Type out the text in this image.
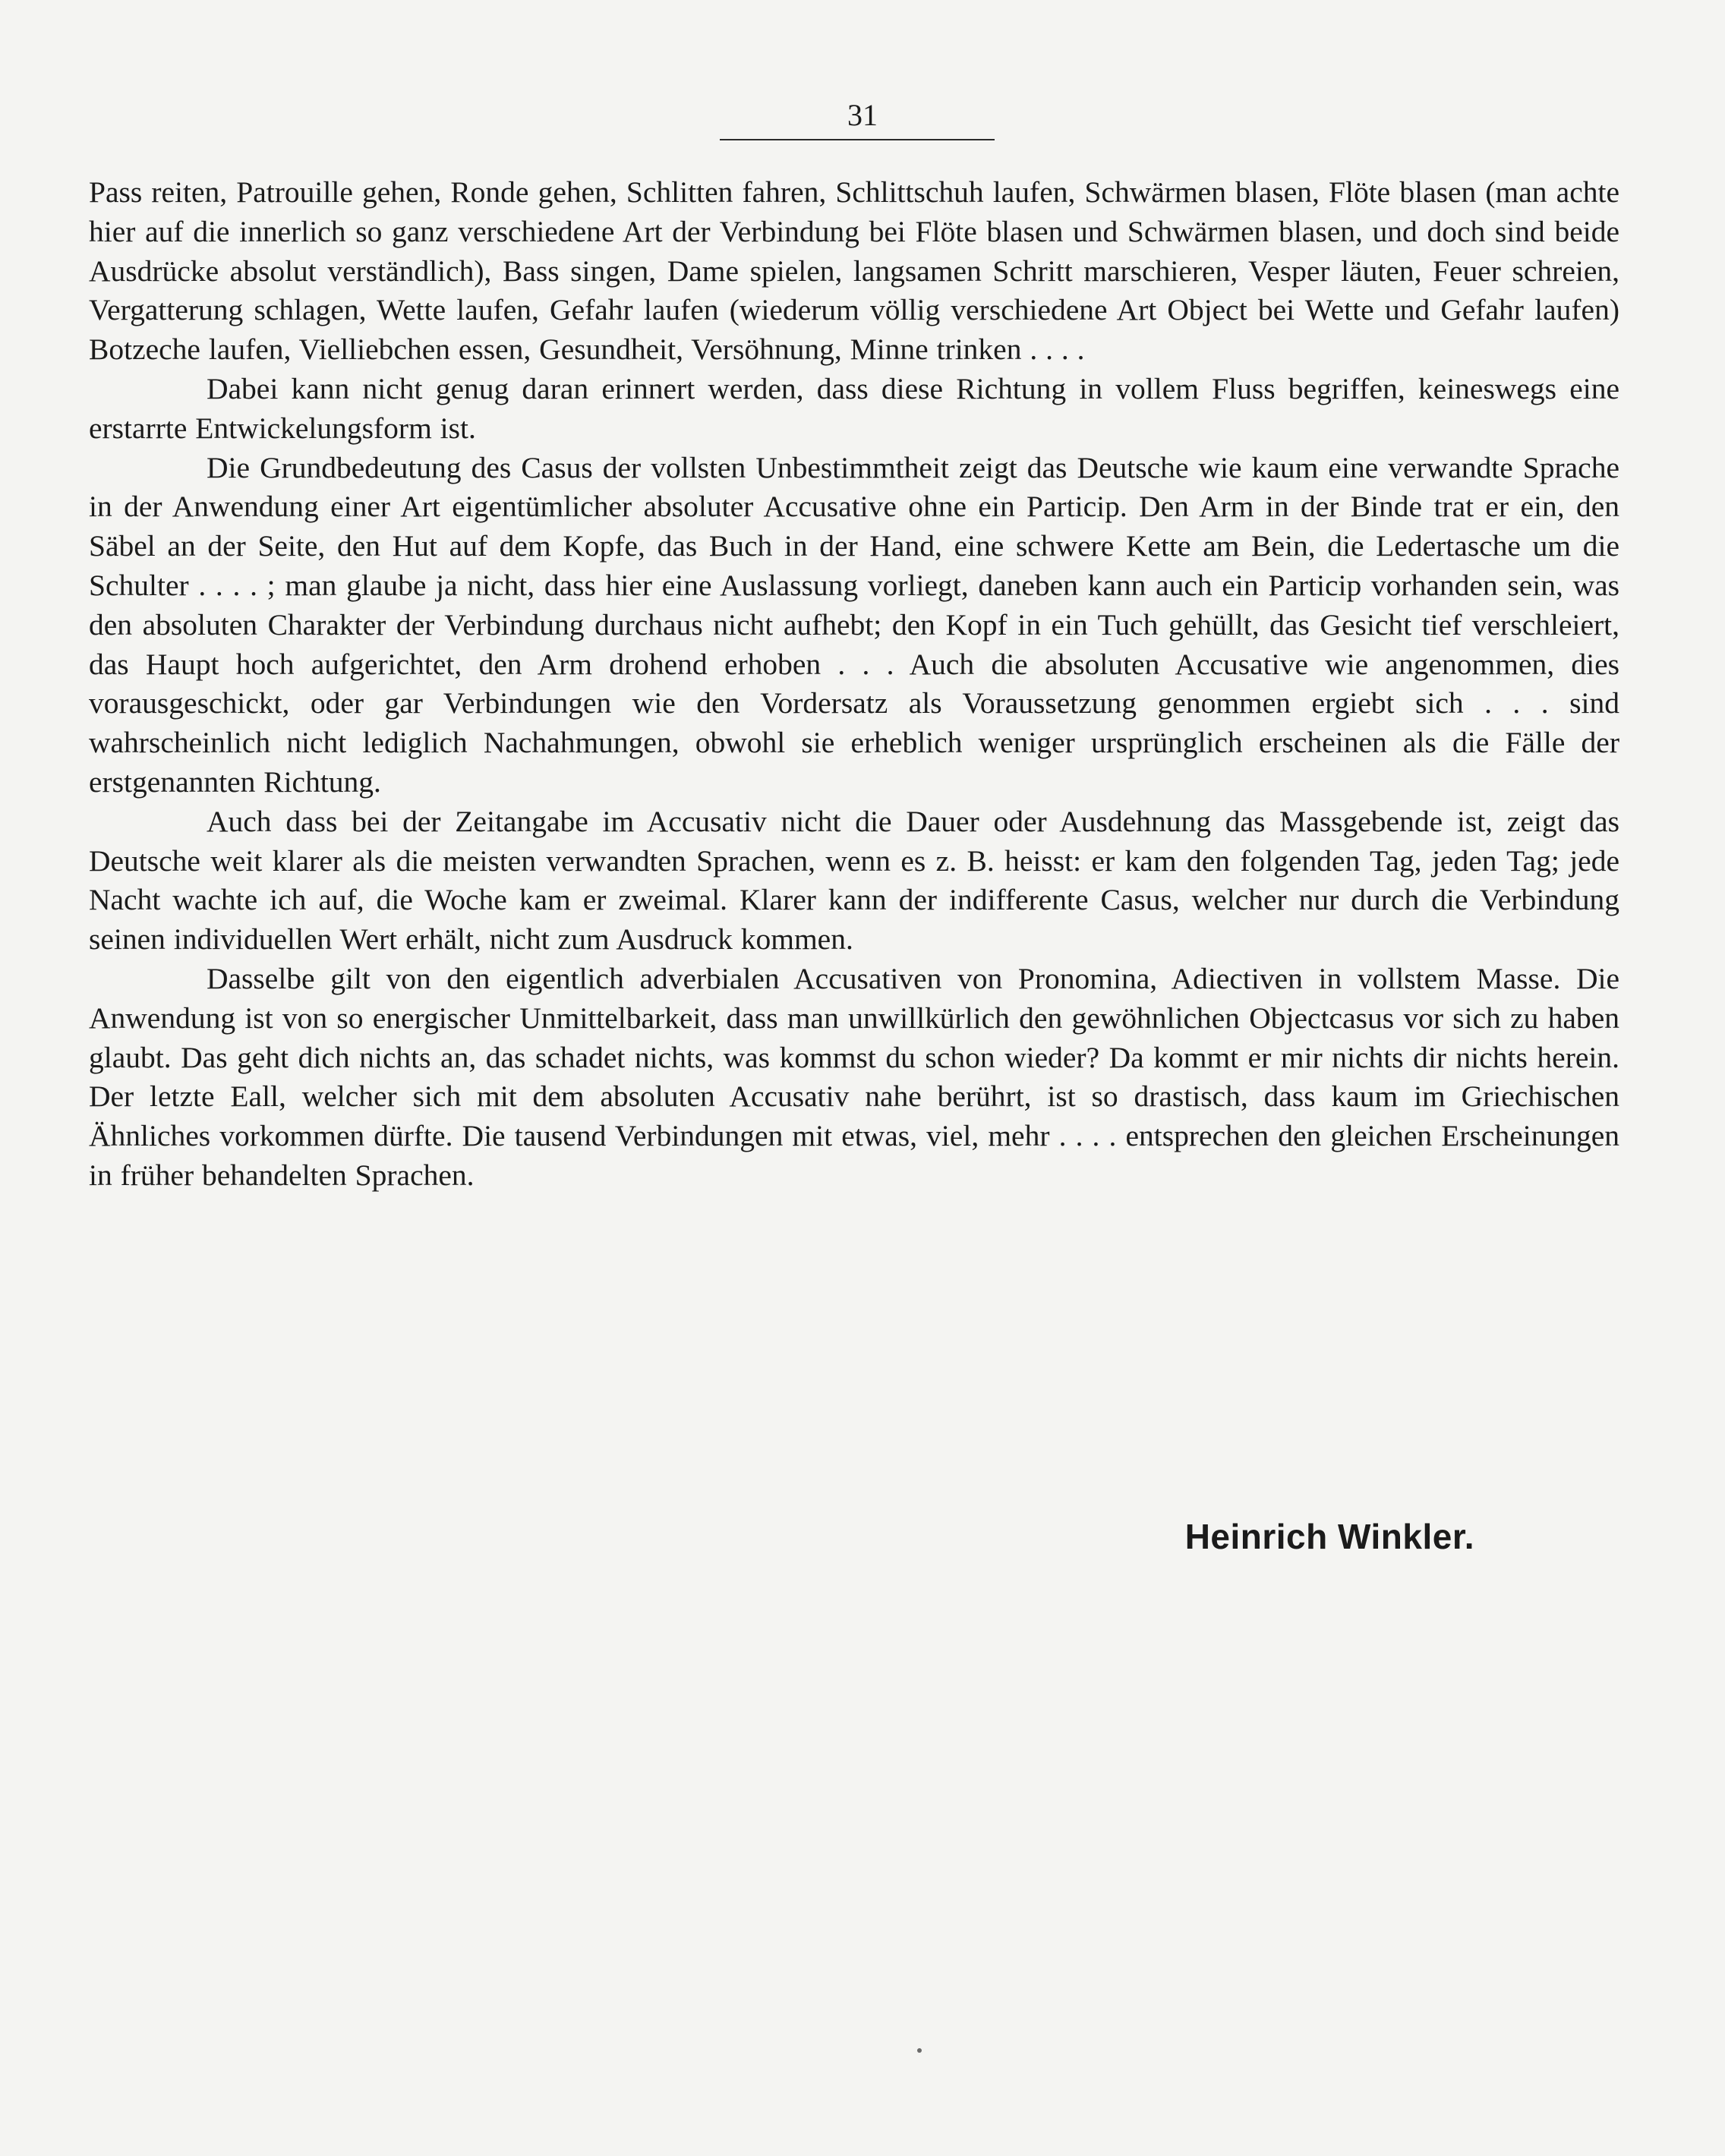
31

Pass reiten, Patrouille gehen, Ronde gehen, Schlitten fahren, Schlittschuh laufen, Schwärmen blasen, Flöte blasen (man achte hier auf die innerlich so ganz verschiedene Art der Verbindung bei Flöte blasen und Schwärmen blasen, und doch sind beide Ausdrücke absolut verständlich), Bass singen, Dame spielen, langsamen Schritt marschieren, Vesper läuten, Feuer schreien, Vergatterung schlagen, Wette laufen, Gefahr laufen (wiederum völlig verschiedene Art Object bei Wette und Gefahr laufen) Botzeche laufen, Vielliebchen essen, Gesundheit, Versöhnung, Minne trinken . . . .

Dabei kann nicht genug daran erinnert werden, dass diese Richtung in vollem Fluss begriffen, keineswegs eine erstarrte Entwickelungsform ist.

Die Grundbedeutung des Casus der vollsten Unbestimmtheit zeigt das Deutsche wie kaum eine verwandte Sprache in der Anwendung einer Art eigentümlicher absoluter Accusative ohne ein Particip. Den Arm in der Binde trat er ein, den Säbel an der Seite, den Hut auf dem Kopfe, das Buch in der Hand, eine schwere Kette am Bein, die Ledertasche um die Schulter . . . . ; man glaube ja nicht, dass hier eine Auslassung vorliegt, daneben kann auch ein Particip vorhanden sein, was den absoluten Charakter der Verbindung durchaus nicht aufhebt; den Kopf in ein Tuch gehüllt, das Gesicht tief verschleiert, das Haupt hoch aufgerichtet, den Arm drohend erhoben . . . Auch die absoluten Accusative wie angenommen, dies vorausgeschickt, oder gar Verbindungen wie den Vordersatz als Voraussetzung genommen ergiebt sich . . . sind wahrscheinlich nicht lediglich Nachahmungen, obwohl sie erheblich weniger ursprünglich erscheinen als die Fälle der erstgenannten Richtung.

Auch dass bei der Zeitangabe im Accusativ nicht die Dauer oder Ausdehnung das Massgebende ist, zeigt das Deutsche weit klarer als die meisten verwandten Sprachen, wenn es z. B. heisst: er kam den folgenden Tag, jeden Tag; jede Nacht wachte ich auf, die Woche kam er zweimal. Klarer kann der indifferente Casus, welcher nur durch die Verbindung seinen individuellen Wert erhält, nicht zum Ausdruck kommen.

Dasselbe gilt von den eigentlich adverbialen Accusativen von Pronomina, Adiectiven in vollstem Masse. Die Anwendung ist von so energischer Unmittelbarkeit, dass man unwillkürlich den gewöhnlichen Objectcasus vor sich zu haben glaubt. Das geht dich nichts an, das schadet nichts, was kommst du schon wieder? Da kommt er mir nichts dir nichts herein. Der letzte Eall, welcher sich mit dem absoluten Accusativ nahe berührt, ist so drastisch, dass kaum im Griechischen Ähnliches vorkommen dürfte. Die tausend Verbindungen mit etwas, viel, mehr . . . . entsprechen den gleichen Erscheinungen in früher behandelten Sprachen.

Heinrich Winkler.
